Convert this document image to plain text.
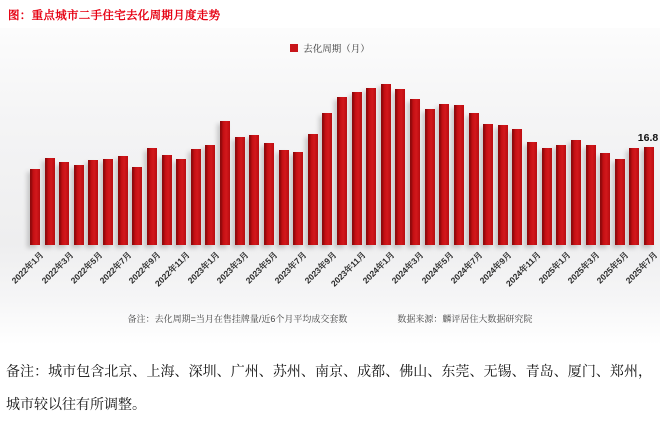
图：重点城市二手住宅去化周期月度走势
去化周期（月）
2022年1月
2022年3月
2022年5月
2022年7月
2022年9月
2022年11月
2023年1月
2023年3月
2023年5月
2023年7月
2023年9月
2023年11月
2024年1月
2024年3月
2024年5月
2024年7月
2024年9月
2024年11月
2025年1月
2025年3月
2025年5月
2025年7月
16.8
备注：去化周期=当月在售挂牌量/近6个月平均成交套数	数据来源：麟评居住大数据研究院
备注：城市包含北京、上海、深圳、广州、苏州、南京、成都、佛山、东莞、无锡、青岛、厦门、郑州，
城市较以往有所调整。
